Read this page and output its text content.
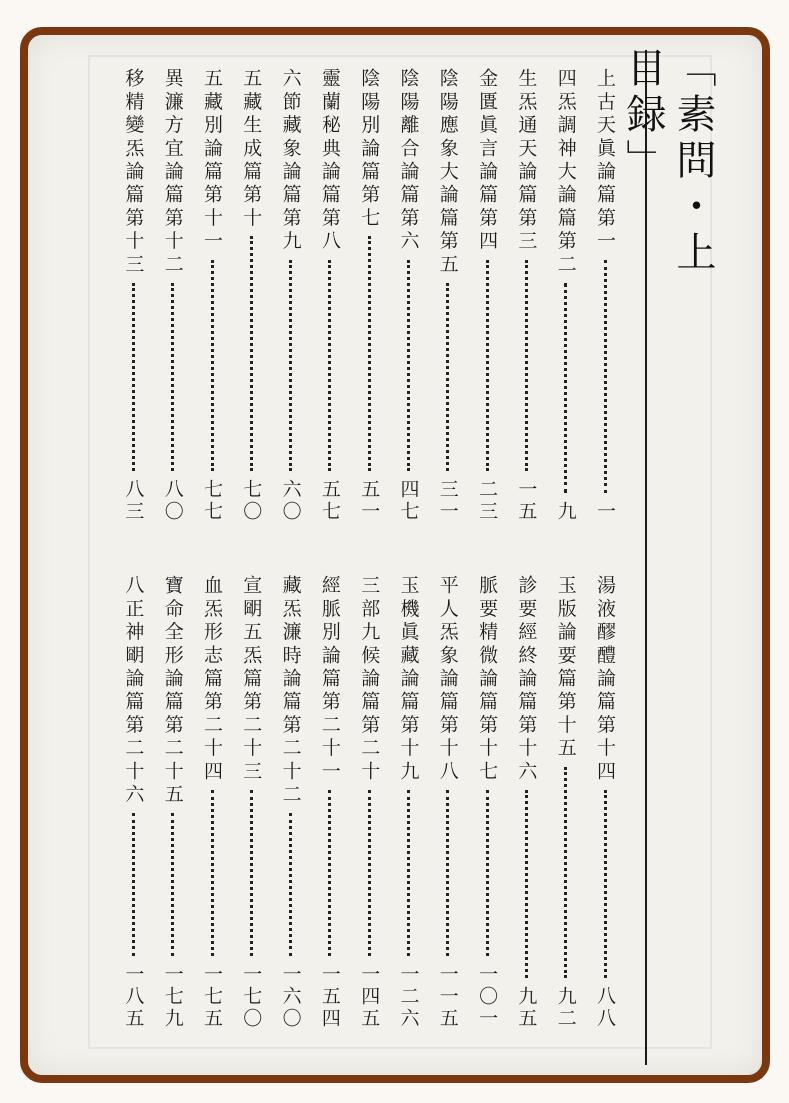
「素問・上目録」
上古天眞論篇第一
一
四炁調神大論篇第二
九
生炁通天論篇第三
一五
金匱眞言論篇第四
二三
陰陽應象大論篇第五
三一
陰陽離合論篇第六
四七
陰陽別論篇第七
五一
靈蘭秘典論篇第八
五七
六節藏象論篇第九
六〇
五藏生成篇第十
七〇
五藏別論篇第十一
七七
異濂方宜論篇第十二
八〇
移精變炁論篇第十三
八三
湯液醪醴論篇第十四
八八
玉版論要篇第十五
九二
診要經終論篇第十六
九五
脈要精微論篇第十七
一〇一
平人炁象論篇第十八
一一五
玉機眞藏論篇第十九
一二六
三部九候論篇第二十
一四五
經脈別論篇第二十一
一五四
藏炁濂時論篇第二十二
一六〇
宣朙五炁篇第二十三
一七〇
血炁形志篇第二十四
一七五
寶命全形論篇第二十五
一七九
八正神朙論篇第二十六
一八五
